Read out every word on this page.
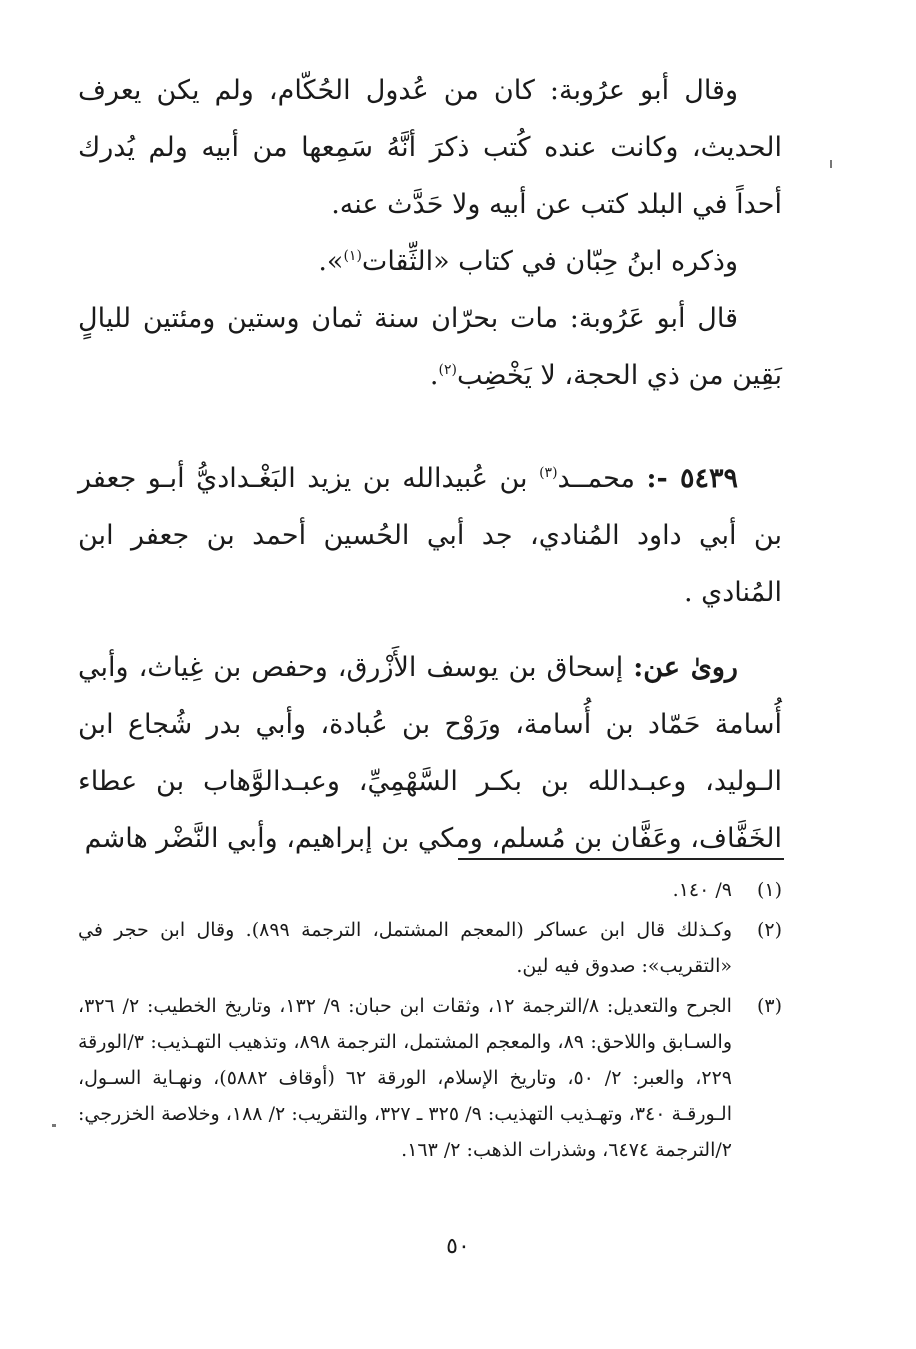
وقال أبو عرُوبة: كان من عُدول الحُكّام، ولم يكن يعرف الحديث، وكانت عنده كُتب ذكرَ أنَّهُ سَمِعها من أبيه ولم يُدرك أحداً في البلد كتب عن أبيه ولا حَدَّث عنه.

وذكره ابنُ حِبّان في كتاب «الثِّقات$^{(١)}$».

قال أبو عَرُوبة: مات بحرّان سنة ثمان وستين ومئتين لليالٍ بَقِين من ذي الحجة، لا يَخْضِب$^{(٢)}$.

٥٤٣٩ -: محمــد$^{(٣)}$ بن عُبيدالله بن يزيد البَغْـداديُّ أبـو جعفر بن أبي داود المُنادي، جد أبي الحُسين أحمد بن جعفر ابن المُنادي .

روىٰ عن: إسحاق بن يوسف الأَزْرق، وحفص بن غِياث، وأبي أُسامة حَمّاد بن أُسامة، ورَوْح بن عُبادة، وأبي بدر شُجاع ابن الـوليد، وعبـدالله بن بكـر السَّهْمِيِّ، وعبـدالوَّهاب بن عطاء الخَفَّاف، وعَفَّان بن مُسلم، ومكي بن إبراهيم، وأبي النَّضْر هاشم

(١)
٩/ ١٤٠.
(٢)
وكـذلك قال ابن عساكر (المعجم المشتمل، الترجمة ٨٩٩). وقال ابن حجر في «التقريب»: صدوق فيه لين.
(٣)
الجرح والتعديل: ٨/الترجمة ١٢، وثقات ابن حبان: ٩/ ١٣٢، وتاريخ الخطيب: ٢/ ٣٢٦، والسـابق واللاحق: ٨٩، والمعجم المشتمل، الترجمة ٨٩٨، وتذهيب التهـذيب: ٣/الورقة ٢٢٩، والعبر: ٢/ ٥٠، وتاريخ الإسلام، الورقة ٦٢ (أوقاف ٥٨٨٢)، ونهـاية السـول، الـورقـة ٣٤٠، وتهـذيب التهذيب: ٩/ ٣٢٥ ـ ٣٢٧، والتقريب: ٢/ ١٨٨، وخلاصة الخزرجي: ٢/الترجمة ٦٤٧٤، وشذرات الذهب: ٢/ ١٦٣.
٥٠
